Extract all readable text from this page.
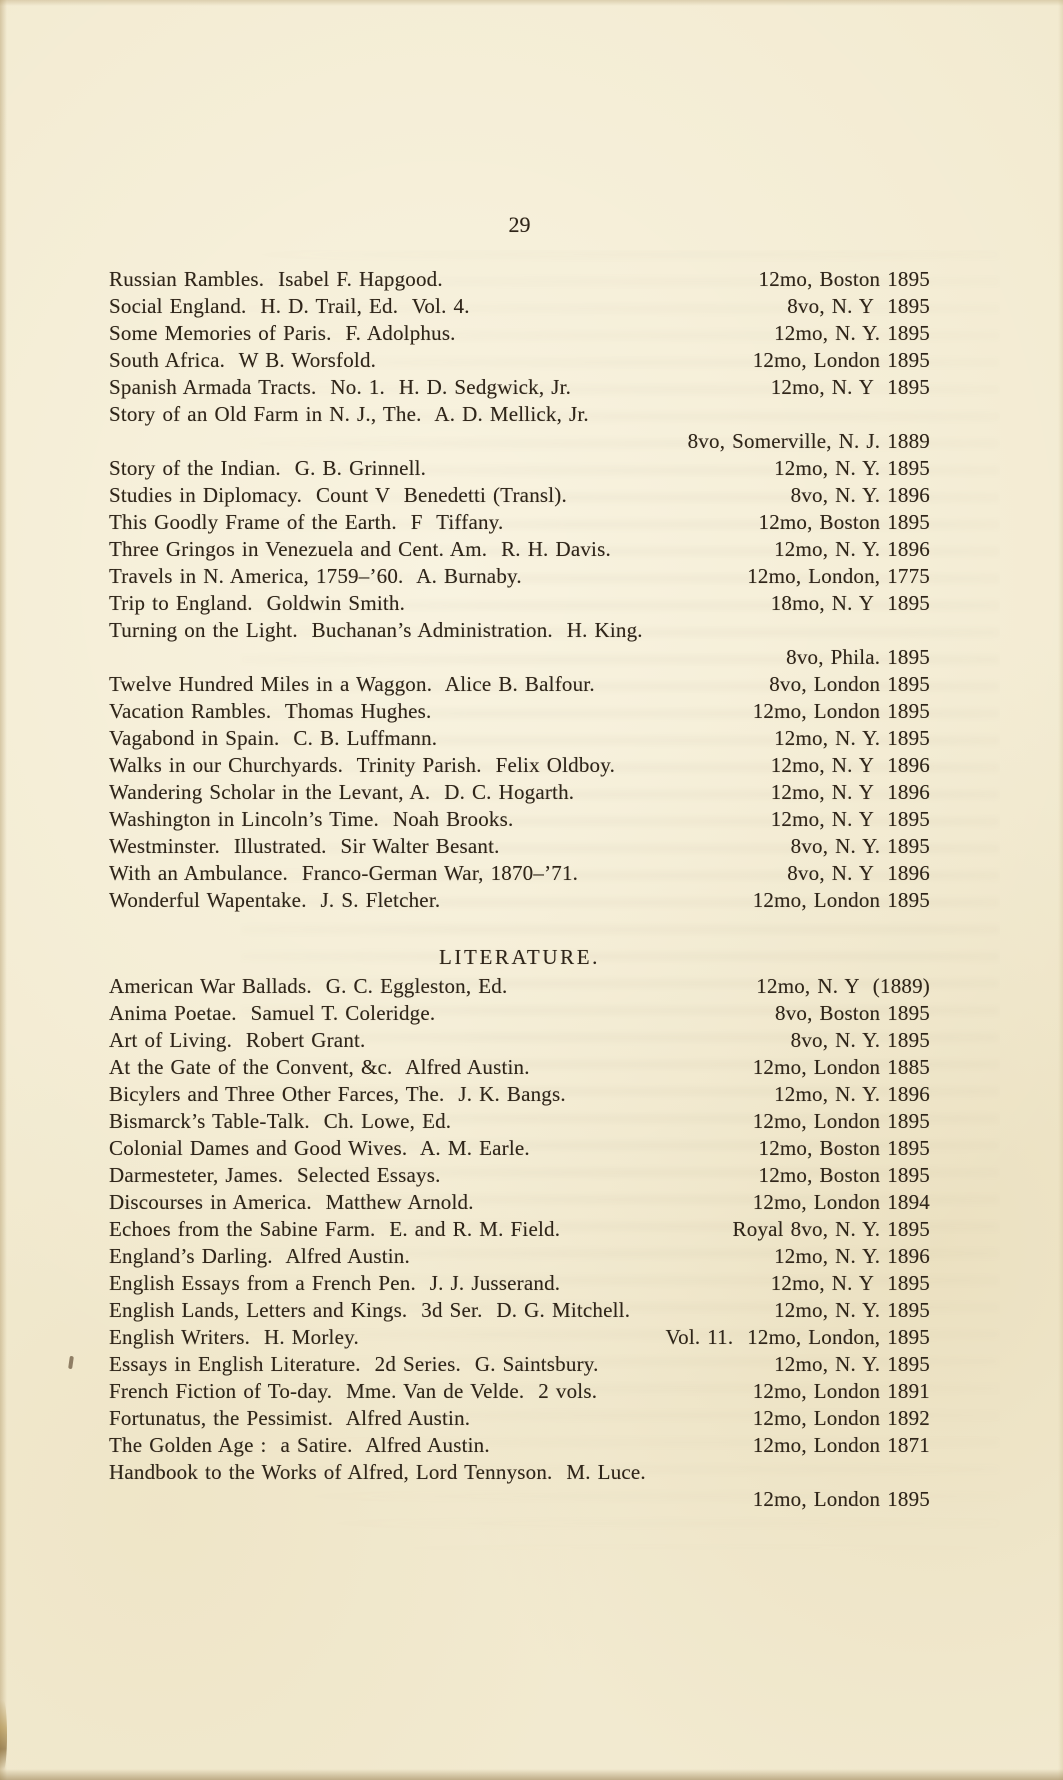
29
Russian Rambles.  Isabel F. Hapgood.	12mo, Boston 1895
Social England.  H. D. Trail, Ed.  Vol. 4.	8vo, N. Y  1895
Some Memories of Paris.  F. Adolphus.	12mo, N. Y. 1895
South Africa.  W B. Worsfold.	12mo, London 1895
Spanish Armada Tracts.  No. 1.  H. D. Sedgwick, Jr.	12mo, N. Y  1895
Story of an Old Farm in N. J., The.  A. D. Mellick, Jr.
8vo, Somerville, N. J. 1889
Story of the Indian.  G. B. Grinnell.	12mo, N. Y. 1895
Studies in Diplomacy.  Count V  Benedetti (Transl).	8vo, N. Y. 1896
This Goodly Frame of the Earth.  F  Tiffany.	12mo, Boston 1895
Three Gringos in Venezuela and Cent. Am.  R. H. Davis.	12mo, N. Y. 1896
Travels in N. America, 1759–’60.  A. Burnaby.	12mo, London, 1775
Trip to England.  Goldwin Smith.	18mo, N. Y  1895
Turning on the Light.  Buchanan’s Administration.  H. King.
8vo, Phila. 1895
Twelve Hundred Miles in a Waggon.  Alice B. Balfour.	8vo, London 1895
Vacation Rambles.  Thomas Hughes.	12mo, London 1895
Vagabond in Spain.  C. B. Luffmann.	12mo, N. Y. 1895
Walks in our Churchyards.  Trinity Parish.  Felix Oldboy.	12mo, N. Y  1896
Wandering Scholar in the Levant, A.  D. C. Hogarth.	12mo, N. Y  1896
Washington in Lincoln’s Time.  Noah Brooks.	12mo, N. Y  1895
Westminster.  Illustrated.  Sir Walter Besant.	8vo, N. Y. 1895
With an Ambulance.  Franco-German War, 1870–’71.	8vo, N. Y  1896
Wonderful Wapentake.  J. S. Fletcher.	12mo, London 1895
LITERATURE.
American War Ballads.  G. C. Eggleston, Ed.	12mo, N. Y  (1889)
Anima Poetae.  Samuel T. Coleridge.	8vo, Boston 1895
Art of Living.  Robert Grant.	8vo, N. Y. 1895
At the Gate of the Convent, &c.  Alfred Austin.	12mo, London 1885
Bicylers and Three Other Farces, The.  J. K. Bangs.	12mo, N. Y. 1896
Bismarck’s Table-Talk.  Ch. Lowe, Ed.	12mo, London 1895
Colonial Dames and Good Wives.  A. M. Earle.	12mo, Boston 1895
Darmesteter, James.  Selected Essays.	12mo, Boston 1895
Discourses in America.  Matthew Arnold.	12mo, London 1894
Echoes from the Sabine Farm.  E. and R. M. Field.	Royal 8vo, N. Y. 1895
England’s Darling.  Alfred Austin.	12mo, N. Y. 1896
English Essays from a French Pen.  J. J. Jusserand.	12mo, N. Y  1895
English Lands, Letters and Kings.  3d Ser.  D. G. Mitchell.	12mo, N. Y. 1895
English Writers.  H. Morley.	Vol. 11.  12mo, London, 1895
Essays in English Literature.  2d Series.  G. Saintsbury.	12mo, N. Y. 1895
French Fiction of To-day.  Mme. Van de Velde.  2 vols.	12mo, London 1891
Fortunatus, the Pessimist.  Alfred Austin.	12mo, London 1892
The Golden Age :  a Satire.  Alfred Austin.	12mo, London 1871
Handbook to the Works of Alfred, Lord Tennyson.  M. Luce.
12mo, London 1895
